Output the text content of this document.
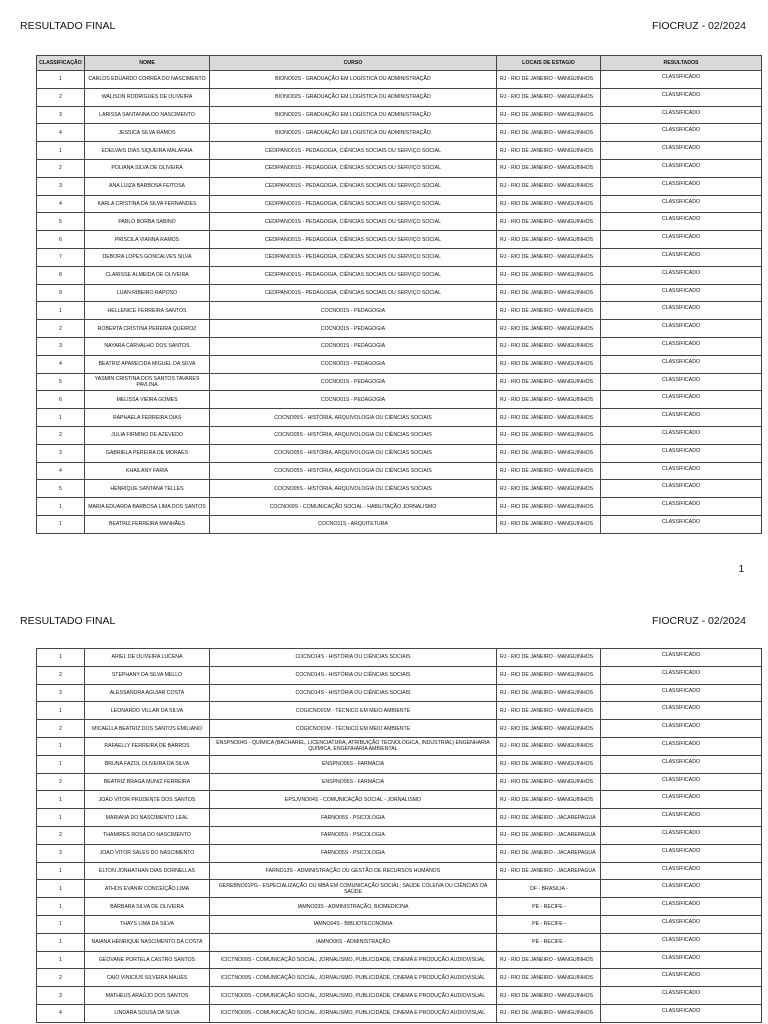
RESULTADO FINAL	FIOCRUZ - 02/2024
CLASSIFICAÇÃO	NOME	CURSO	LOCAIS DE ESTAGIO	RESULTADOS
1	CARLOS EDUARDO CORRÊA DO NASCIMENTO	BIONO02S - GRADUAÇÃO EM LOGÍSTICA OU ADMINISTRAÇÃO	RJ - RIO DE JANEIRO - MANGUINHOS	CLASSIFICADO
2	WALISON RODRIGUES DE OLIVEIRA	BIONO02S - GRADUAÇÃO EM LOGÍSTICA OU ADMINISTRAÇÃO	RJ - RIO DE JANEIRO - MANGUINHOS	CLASSIFICADO
3	LARISSA SANTANNA DO NASCIMENTO	BIONO02S - GRADUAÇÃO EM LOGÍSTICA OU ADMINISTRAÇÃO	RJ - RIO DE JANEIRO - MANGUINHOS	CLASSIFICADO
4	JESSICA SILVA RAMOS	BIONO02S - GRADUAÇÃO EM LOGÍSTICA OU ADMINISTRAÇÃO	RJ - RIO DE JANEIRO - MANGUINHOS	CLASSIFICADO
1	EDELVAIS DIAS SIQUEIRA MALAFAIA	CEDIPANO01S - PEDAGOGIA, CIÊNCIAS SOCIAIS OU SERVIÇO SOCIAL	RJ - RIO DE JANEIRO - MANGUINHOS	CLASSIFICADO
2	POLIANA SILVA DE OLIVEIRA	CEDIPANO01S - PEDAGOGIA, CIÊNCIAS SOCIAIS OU SERVIÇO SOCIAL	RJ - RIO DE JANEIRO - MANGUINHOS	CLASSIFICADO
3	ANA LUIZA BARBOSA FEITOSA	CEDIPANO01S - PEDAGOGIA, CIÊNCIAS SOCIAIS OU SERVIÇO SOCIAL	RJ - RIO DE JANEIRO - MANGUINHOS	CLASSIFICADO
4	KARLA CRISTINA DA SILVA FERNANDES	CEDIPANO01S - PEDAGOGIA, CIÊNCIAS SOCIAIS OU SERVIÇO SOCIAL	RJ - RIO DE JANEIRO - MANGUINHOS	CLASSIFICADO
5	PABLO BORBA SABINO	CEDIPANO01S - PEDAGOGIA, CIÊNCIAS SOCIAIS OU SERVIÇO SOCIAL	RJ - RIO DE JANEIRO - MANGUINHOS	CLASSIFICADO
6	PRISCILA VIANNA RAMOS	CEDIPANO01S - PEDAGOGIA, CIÊNCIAS SOCIAIS OU SERVIÇO SOCIAL	RJ - RIO DE JANEIRO - MANGUINHOS	CLASSIFICADO
7	DEBORA LOPES GONCALVES SILVA	CEDIPANO01S - PEDAGOGIA, CIÊNCIAS SOCIAIS OU SERVIÇO SOCIAL	RJ - RIO DE JANEIRO - MANGUINHOS	CLASSIFICADO
8	CLARISSE ALMEIDA DE OLIVEIRA	CEDIPANO01S - PEDAGOGIA, CIÊNCIAS SOCIAIS OU SERVIÇO SOCIAL	RJ - RIO DE JANEIRO - MANGUINHOS	CLASSIFICADO
9	LUAN RIBEIRO RAPOSO	CEDIPANO01S - PEDAGOGIA, CIÊNCIAS SOCIAIS OU SERVIÇO SOCIAL	RJ - RIO DE JANEIRO - MANGUINHOS	CLASSIFICADO
1	HELLENICE FERREIRA SANTOS	COCNO01S - PEDAGOGIA	RJ - RIO DE JANEIRO - MANGUINHOS	CLASSIFICADO
2	ROBERTA CRISTINA PEREIRA QUEIROZ	COCNO01S - PEDAGOGIA	RJ - RIO DE JANEIRO - MANGUINHOS	CLASSIFICADO
3	NAYARA CARVALHO DOS SANTOS	COCNO01S - PEDAGOGIA	RJ - RIO DE JANEIRO - MANGUINHOS	CLASSIFICADO
4	BEATRIZ APARECIDA MIGUEL DA SILVA	COCNO01S - PEDAGOGIA	RJ - RIO DE JANEIRO - MANGUINHOS	CLASSIFICADO
5	YASMIN CRISTINA DOS SANTOS TAVARES PAVLINA	COCNO01S - PEDAGOGIA	RJ - RIO DE JANEIRO - MANGUINHOS	CLASSIFICADO
6	MELISSA VIEIRA GOMES	COCNO01S - PEDAGOGIA	RJ - RIO DE JANEIRO - MANGUINHOS	CLASSIFICADO
1	RAPHAELA FERREIRA DIAS	COCNO05S - HISTÓRIA, ARQUIVOLOGIA OU CIÊNCIAS SOCIAIS	RJ - RIO DE JANEIRO - MANGUINHOS	CLASSIFICADO
2	JULIA FIRMINO DE AZEVEDO	COCNO05S - HISTÓRIA, ARQUIVOLOGIA OU CIÊNCIAS SOCIAIS	RJ - RIO DE JANEIRO - MANGUINHOS	CLASSIFICADO
3	GABRIELA PEREIRA DE MORAES	COCNO05S - HISTÓRIA, ARQUIVOLOGIA OU CIÊNCIAS SOCIAIS	RJ - RIO DE JANEIRO - MANGUINHOS	CLASSIFICADO
4	KHAILANY FARIA	COCNO05S - HISTÓRIA, ARQUIVOLOGIA OU CIÊNCIAS SOCIAIS	RJ - RIO DE JANEIRO - MANGUINHOS	CLASSIFICADO
5	HENRIQUE SANTANA TELLES	COCNO05S - HISTÓRIA, ARQUIVOLOGIA OU CIÊNCIAS SOCIAIS	RJ - RIO DE JANEIRO - MANGUINHOS	CLASSIFICADO
1	MARIA EDUARDA BARBOSA LIMA DOS SANTOS	COCNO09S - COMUNICAÇÃO SOCIAL - HABILITAÇÃO JORNALISMO	RJ - RIO DE JANEIRO - MANGUINHOS	CLASSIFICADO
1	BEATRIZ FERREIRA MANHÃES	COCNO11S - ARQUITETURA	RJ - RIO DE JANEIRO - MANGUINHOS	CLASSIFICADO
1
RESULTADO FINAL	FIOCRUZ - 02/2024
1	ARIEL DE OLIVEIRA LUCENA	COCNO14S - HISTÓRIA OU CIÊNCIAS SOCIAIS	RJ - RIO DE JANEIRO - MANGUINHOS	CLASSIFICADO
2	STEPHANY DA SILVA MELLO	COCNO14S - HISTÓRIA OU CIÊNCIAS SOCIAIS	RJ - RIO DE JANEIRO - MANGUINHOS	CLASSIFICADO
3	ALESSANDRA AGUIAR COSTA	COCNO14S - HISTÓRIA OU CIÊNCIAS SOCIAIS	RJ - RIO DE JANEIRO - MANGUINHOS	CLASSIFICADO
1	LEONARDO VILLAR DA SILVA	COGICNO01M - TÉCNICO EM MEIO AMBIENTE	RJ - RIO DE JANEIRO - MANGUINHOS	CLASSIFICADO
2	MICAELLA BEATRIZ DOS SANTOS EMILIANO	COGICNO01M - TÉCNICO EM MEIO AMBIENTE	RJ - RIO DE JANEIRO - MANGUINHOS	CLASSIFICADO
1	RAFAELLY FERREIRA DE BARROS	ENSPNO04S - QUÍMICA (BACHAREL, LICENCIATURA, ATRIBUIÇÃO TECNOLÓGICA, INDUSTRIAL) ENGENHARIA QUÍMICA, ENGENHARIA AMBIENTAL	RJ - RIO DE JANEIRO - MANGUINHOS	CLASSIFICADO
1	BRUNA FAZOL OLIVEIRA DA SILVA	ENSPNO06S - FARMÁCIA	RJ - RIO DE JANEIRO - MANGUINHOS	CLASSIFICADO
2	BEATRIZ BRAGA MUNIZ FERREIRA	ENSPNO06S - FARMÁCIA	RJ - RIO DE JANEIRO - MANGUINHOS	CLASSIFICADO
1	JOAO VITOR PRUDENTE DOS SANTOS	EPSJVNO04S - COMUNICAÇÃO SOCIAL - JORNALISMO	RJ - RIO DE JANEIRO - MANGUINHOS	CLASSIFICADO
1	MARIANA DO NASCIMENTO LEAL	FARNO05S - PSICOLOGIA	RJ - RIO DE JANEIRO - JACAREPAGUÁ	CLASSIFICADO
2	THAMIRES ROSA DO NASCIMENTO	FARNO05S - PSICOLOGIA	RJ - RIO DE JANEIRO - JACAREPAGUÁ	CLASSIFICADO
3	JOAO VITOR SALES DO NASCIMENTO	FARNO05S - PSICOLOGIA	RJ - RIO DE JANEIRO - JACAREPAGUÁ	CLASSIFICADO
1	ELTON JONHATHAN DIAS DORNELLAS	FARNO13S - ADMINISTRAÇÃO OU GESTÃO DE RECURSOS HUMANOS	RJ - RIO DE JANEIRO - JACAREPAGUÁ	CLASSIFICADO
1	ATHOS EVANIR CONCEIÇÃO LIMA	GEREBNO01PG - ESPECIALIZAÇÃO OU MBA EM COMUNICAÇÃO SOCIAL; SAÚDE COLEIVA OU CIÊNCIAS DA SAÚDE	DF - BRASILIA -	CLASSIFICADO
1	BÁRBARA SILVA DE OLIVEIRA	IAMNO03S - ADMINISTRAÇÃO, BIOMEDICINA	PE - RECIFE -	CLASSIFICADO
1	THAYS LIMA DA SILVA	IAMNO04S - BIBLIOTECONOMIA	PE - RECIFE -	CLASSIFICADO
1	NAIANA HENRIQUE NASCIMENTO DA COSTA	IAMNO06S - ADMINISTRAÇÃO	PE - RECIFE -	CLASSIFICADO
1	GEOVANE PORTELA CASTRO SANTOS	ICICTNO09S - COMUNICAÇÃO SOCIAL, JORNALISMO, PUBLICIDADE, CINEMA E PRODUÇÃO AUDIOVISUAL	RJ - RIO DE JANEIRO - MANGUINHOS	CLASSIFICADO
2	CAIO VINICIUS SILVEIRA MAUÉS	ICICTNO09S - COMUNICAÇÃO SOCIAL, JORNALISMO, PUBLICIDADE, CINEMA E PRODUÇÃO AUDIOVISUAL	RJ - RIO DE JANEIRO - MANGUINHOS	CLASSIFICADO
3	MATHEUS ARAÚJO DOS SANTOS	ICICTNO09S - COMUNICAÇÃO SOCIAL, JORNALISMO, PUBLICIDADE, CINEMA E PRODUÇÃO AUDIOVISUAL	RJ - RIO DE JANEIRO - MANGUINHOS	CLASSIFICADO
4	LINDARA SOUSA DA SILVA	ICICTNO09S - COMUNICAÇÃO SOCIAL, JORNALISMO, PUBLICIDADE, CINEMA E PRODUÇÃO AUDIOVISUAL	RJ - RIO DE JANEIRO - MANGUINHOS	CLASSIFICADO
